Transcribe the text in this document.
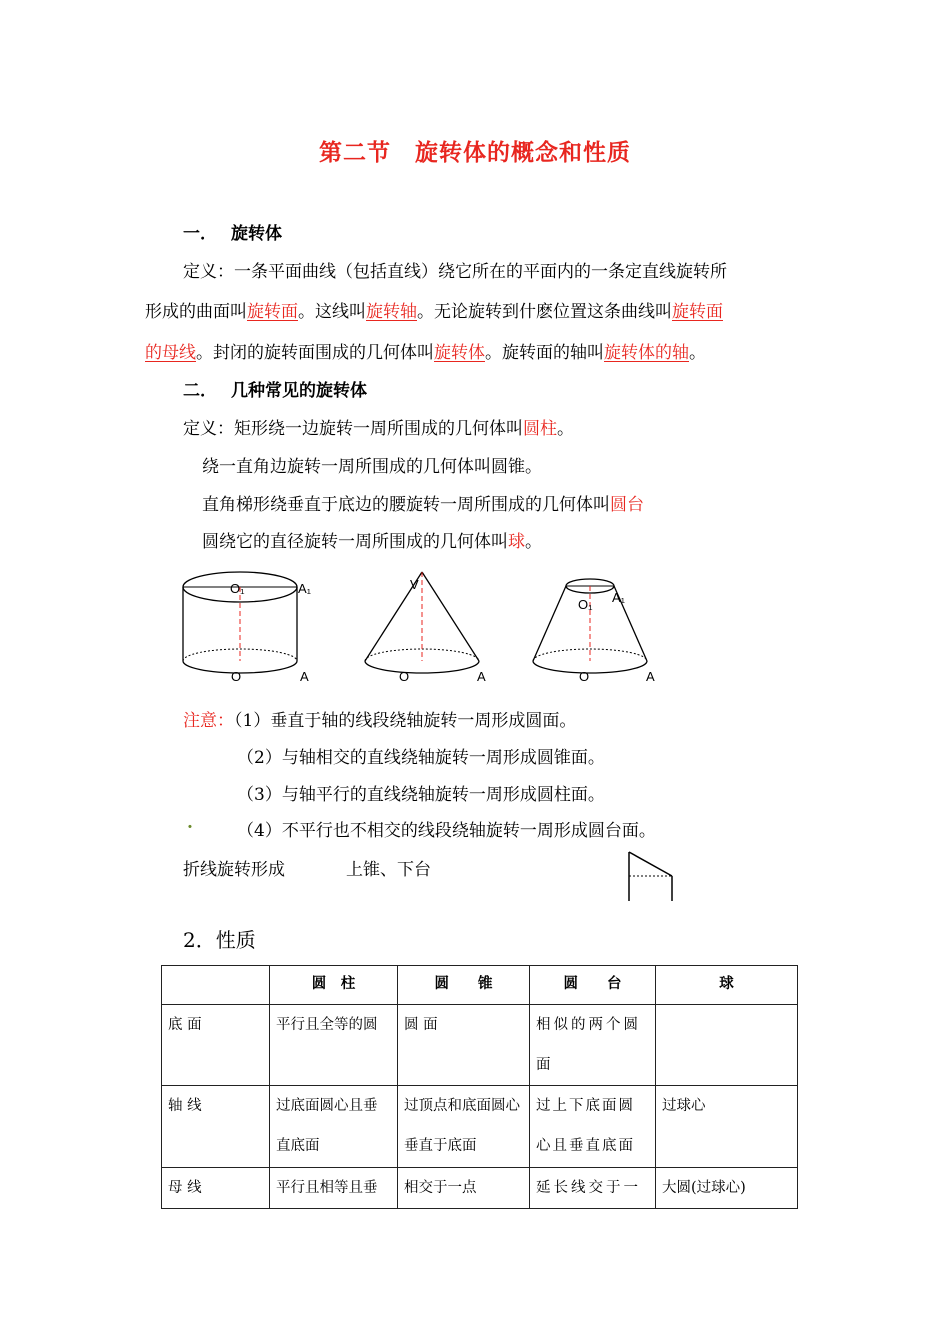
第二节　旋转体的概念和性质
一． 旋转体
定义：一条平面曲线（包括直线）绕它所在的平面内的一条定直线旋转所
形成的曲面叫旋转面。这线叫旋转轴。无论旋转到什麽位置这条曲线叫旋转面
的母线。封闭的旋转面围成的几何体叫旋转体。旋转面的轴叫旋转体的轴。
二． 几种常见的旋转体
定义：矩形绕一边旋转一周所围成的几何体叫圆柱。
绕一直角边旋转一周所围成的几何体叫圆锥。
直角梯形绕垂直于底边的腰旋转一周所围成的几何体叫圆台
圆绕它的直径旋转一周所围成的几何体叫球。
O₁	A₁
O	A
V
O	A
O₁ A₁
O	A
注意：（1）垂直于轴的线段绕轴旋转一周形成圆面。
（2）与轴相交的直线绕轴旋转一周形成圆锥面。
（3）与轴平行的直线绕轴旋转一周形成圆柱面。
.	（4）不平行也不相交的线段绕轴旋转一周形成圆台面。
折线旋转形成	上锥、下台
2．性质
	圆　柱	圆　　锥	圆　　台	球

底 面	平行且全等的圆	圆 面	相似的两个圆面	

轴 线	过底面圆心且垂直底面	过顶点和底面圆心垂直于底面	过上下底面圆心且垂直底面	过球心

母 线	平行且相等且垂	相交于一点	延长线交于一	大圆(过球心)
